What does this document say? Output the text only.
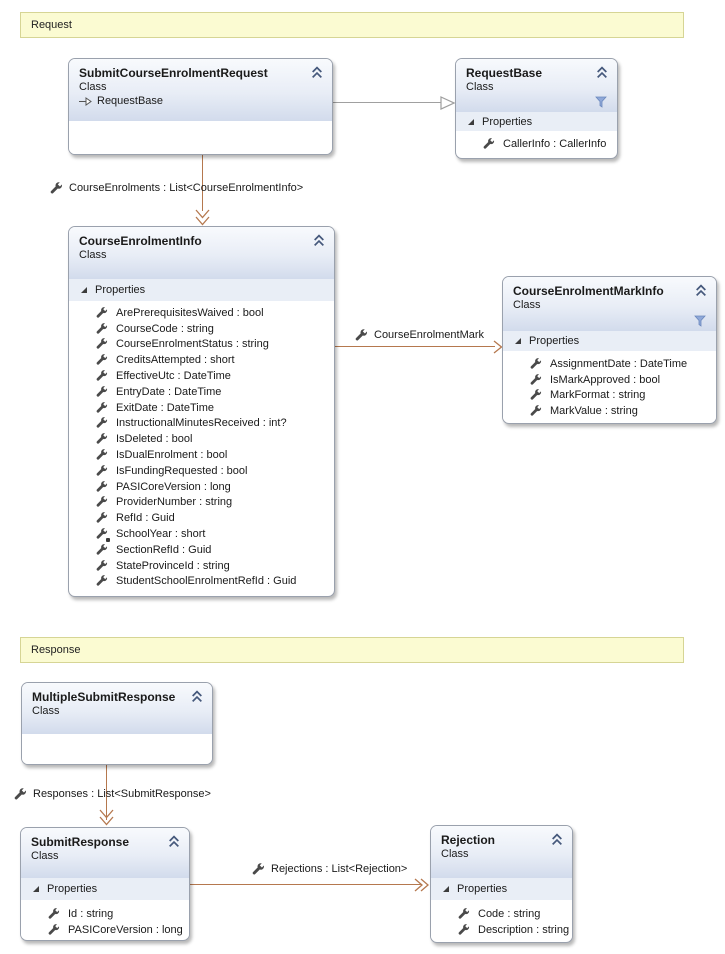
Request
SubmitCourseEnrolmentRequest
Class
RequestBase
RequestBase
Class
Properties
CallerInfo : CallerInfo
CourseEnrolments : List<CourseEnrolmentInfo>
CourseEnrolmentInfo
Class
Properties
ArePrerequisitesWaived : bool
CourseCode : string
CourseEnrolmentStatus : string
CreditsAttempted : short
EffectiveUtc : DateTime
EntryDate : DateTime
ExitDate : DateTime
InstructionalMinutesReceived : int?
IsDeleted : bool
IsDualEnrolment : bool
IsFundingRequested : bool
PASICoreVersion : long
ProviderNumber : string
RefId : Guid
SchoolYear : short
SectionRefId : Guid
StateProvinceId : string
StudentSchoolEnrolmentRefId : Guid
CourseEnrolmentMark
CourseEnrolmentMarkInfo
Class
Properties
AssignmentDate : DateTime
IsMarkApproved : bool
MarkFormat : string
MarkValue : string
Response
MultipleSubmitResponse
Class
Responses : List<SubmitResponse>
Rejections : List<Rejection>
SubmitResponse
Class
Properties
Id : string
PASICoreVersion : long
Rejection
Class
Properties
Code : string
Description : string
